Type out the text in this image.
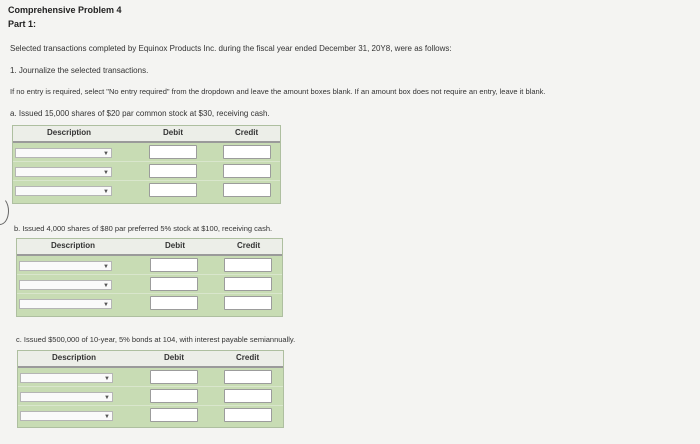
Comprehensive Problem 4
Part 1:
Selected transactions completed by Equinox Products Inc. during the fiscal year ended December 31, 20Y8, were as follows:
1. Journalize the selected transactions.
If no entry is required, select "No entry required" from the dropdown and leave the amount boxes blank. If an amount box does not require an entry, leave it blank.
a. Issued 15,000 shares of $20 par common stock at $30, receiving cash.
Description	Debit	Credit
▼
▼
▼
b. Issued 4,000 shares of $80 par preferred 5% stock at $100, receiving cash.
Description	Debit	Credit
▼
▼
▼
c. Issued $500,000 of 10-year, 5% bonds at 104, with interest payable semiannually.
Description	Debit	Credit
▼
▼
▼
